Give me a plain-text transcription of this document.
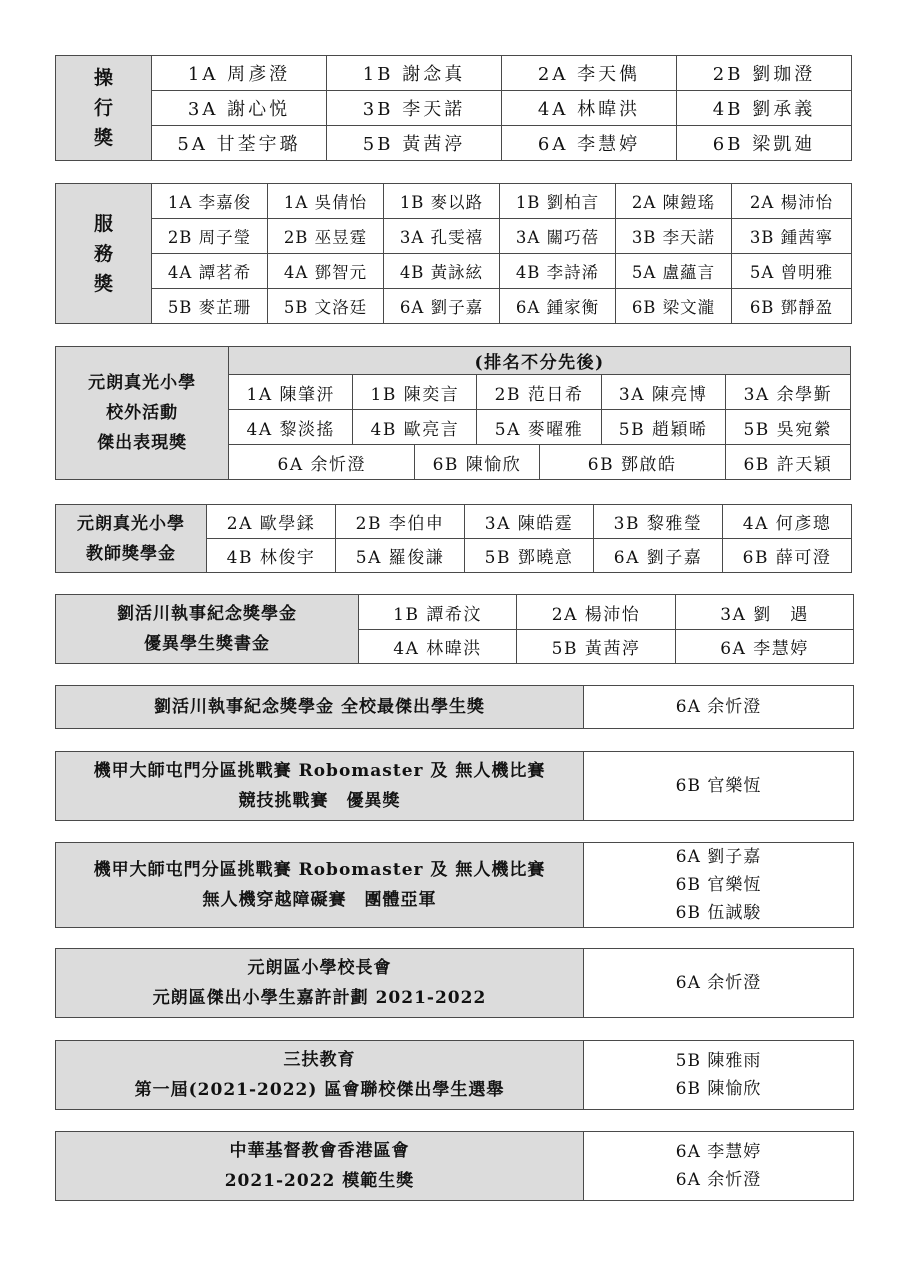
操
行
獎	1A 周彥澄	1B 謝念真	2A 李天儁	2B 劉珈澄
	3A 謝心悦	3B 李天諾	4A 林暐洪	4B 劉承義
	5A 甘荃宇璐	5B 黃茜渟	6A 李慧婷	6B 梁凱廸
服
務
獎	1A 李嘉俊	1A 吳倩怡	1B 麥以路	1B 劉柏言	2A 陳鎧瑤	2A 楊沛怡
	2B 周子瑩	2B 巫昱霆	3A 孔雯禧	3A 關巧蓓	3B 李天諾	3B 鍾茜寧
	4A 譚茗希	4A 鄧智元	4B 黃詠絃	4B 李詩浠	5A 盧蘊言	5A 曾明雅
	5B 麥芷珊	5B 文洛廷	6A 劉子嘉	6A 鍾家衡	6B 梁文瀧	6B 鄧靜盈
元朗真光小學
校外活動
傑出表現獎	(排名不分先後)						
	1A 陳肇汧	1B 陳奕言		2B 范日希		3A 陳亮博	3A 余學斳
	4A 黎淡搖	4B 歐亮言		5A 麥曜雅		5B 趙穎晞	5B 吳宛縈
	6A 余忻澄		6B 陳愉欣		6B 鄧啟皓		6B 許天穎
元朗真光小學
教師獎學金	2A 歐學鍒	2B 李伯申	3A 陳皓霆	3B 黎雅瑩	4A 何彥璁
	4B 林俊宇	5A 羅俊謙	5B 鄧曉意	6A 劉子嘉	6B 薛可澄
劉活川執事紀念獎學金
優異學生獎書金	1B 譚希汶	2A 楊沛怡	3A 劉　遇
	4A 林暐洪	5B 黃茜渟	6A 李慧婷
劉活川執事紀念獎學金 全校最傑出學生獎	6A 余忻澄
機甲大師屯門分區挑戰賽 Robomaster 及 無人機比賽
競技挑戰賽　優異獎

6B 官樂恆
機甲大師屯門分區挑戰賽 Robomaster 及 無人機比賽
無人機穿越障礙賽　團體亞軍

6A 劉子嘉
6B 官樂恆
6B 伍誠駿
元朗區小學校長會
元朗區傑出小學生嘉許計劃 2021-2022

6A 余忻澄
三扶教育
第一屆(2021-2022) 區會聯校傑出學生選舉

5B 陳雅雨
6B 陳愉欣
中華基督教會香港區會
2021-2022 模範生獎

6A 李慧婷
6A 余忻澄
